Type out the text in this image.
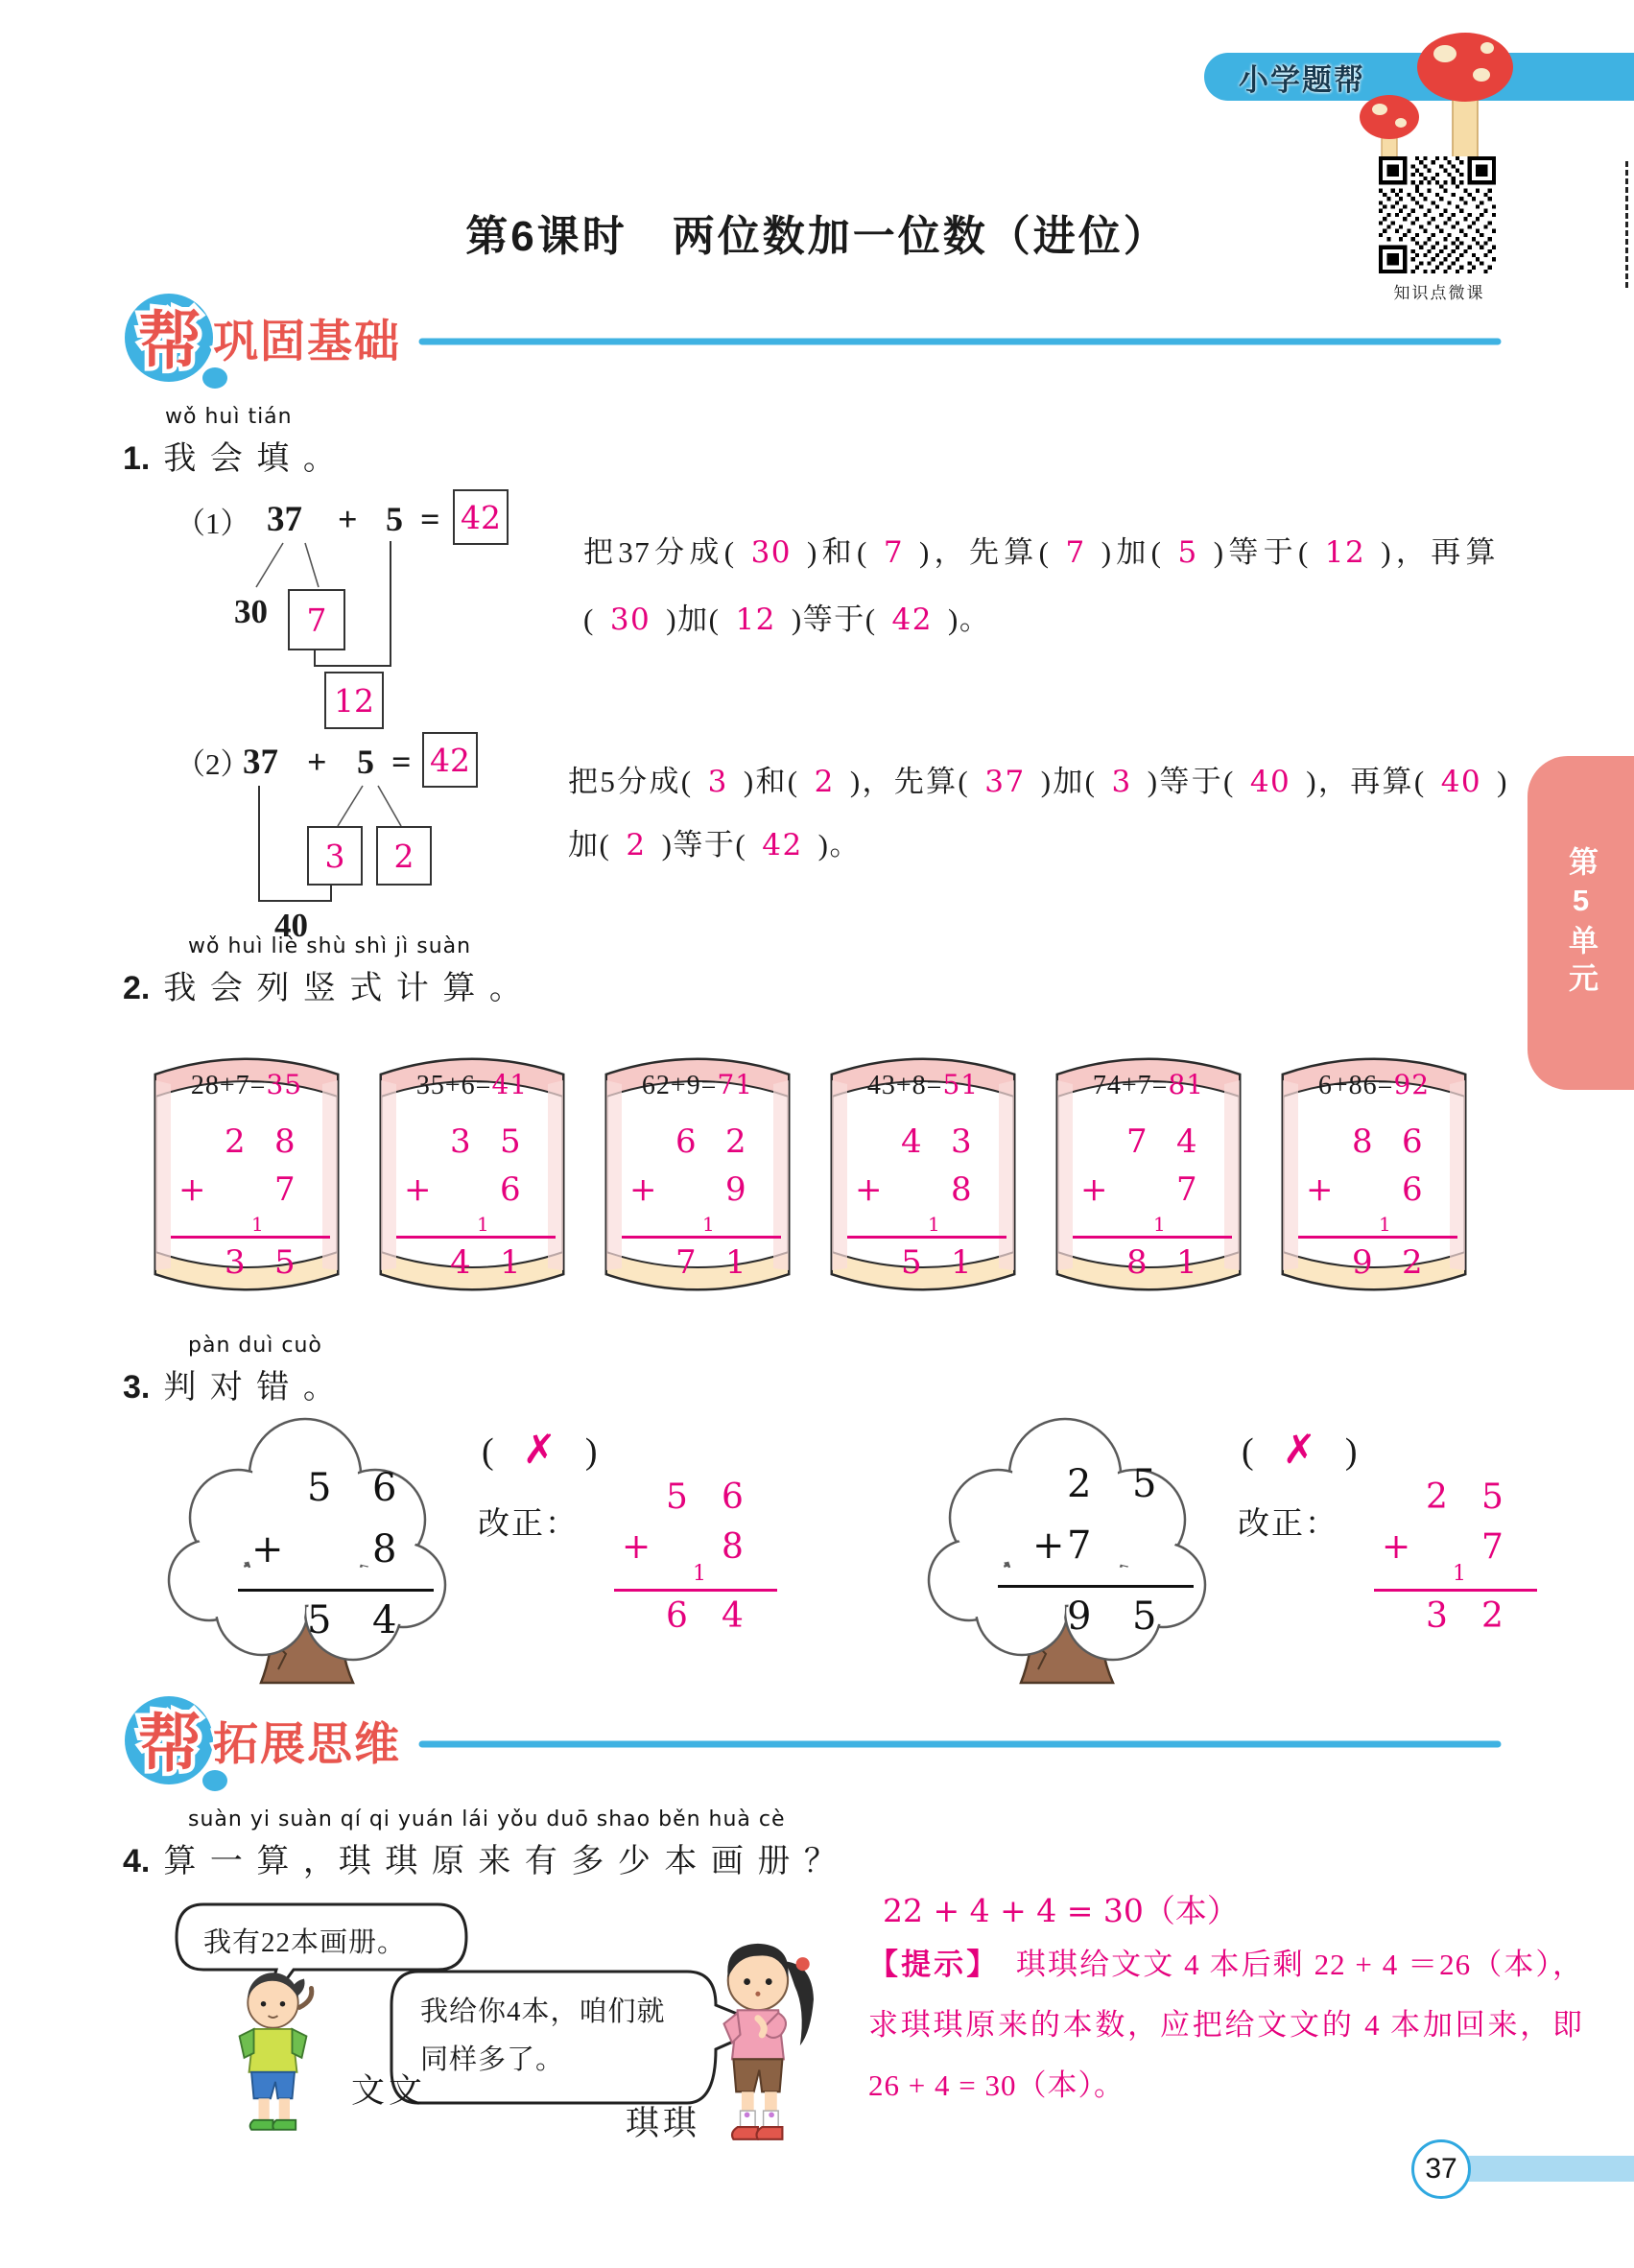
小学题帮
知识点微课
第6课时　两位数加一位数（进位）
帮 巩固基础
wǒ huì tián
1. 我 会 填 。
（1） 37 + 5 = 42
30	7
12
把37分成( 30 )和( 7 )，先算( 7 )加( 5 )等于( 12 )，再算( 30 )加( 12 )等于( 42 )。
（2）
37 + 5 = 42
3	2
40
把5分成( 3 )和( 2 )，先算( 37 )加( 3 )等于( 40 )，再算( 40 )加( 2 )等于( 42 )。
wǒ huì liè shù shì jì suàn
2. 我 会 列 竖 式 计 算 。
28+7=35
2 8
+ 7
1
3 5
35+6=41
3 5
+ 6
1
4 1
62+9=71
6 2
+ 9
1
7 1
43+8=51
4 3
+ 8
1
5 1
74+7=81
7 4
+ 7
1
8 1
6+86=92
8 6
+ 6
1
9 2
pàn duì cuò
3. 判 对 错 。
5 6
+ 8
5 4
( ✗ )
改正：
5 6
+ 8
1
6 4
2 5
+ 7
9 5
( ✗ )
改正：
2 5
+ 7
1
3 2
帮 拓展思维
suàn yi suàn qí qi yuán lái yǒu duō shao běn huà cè
4. 算 一 算 ，琪 琪 原 来 有 多 少 本 画 册 ？
我有22本画册。
我给你4本，咱们就同样多了。
文文
琪琪
22 + 4 + 4 = 30（本）
【提示】　琪琪给文文 4 本后剩 22 + 4 ＝26（本），求琪琪原来的本数，应把给文文的 4 本加回来，即 26 + 4 = 30（本）。
第5单元
37
